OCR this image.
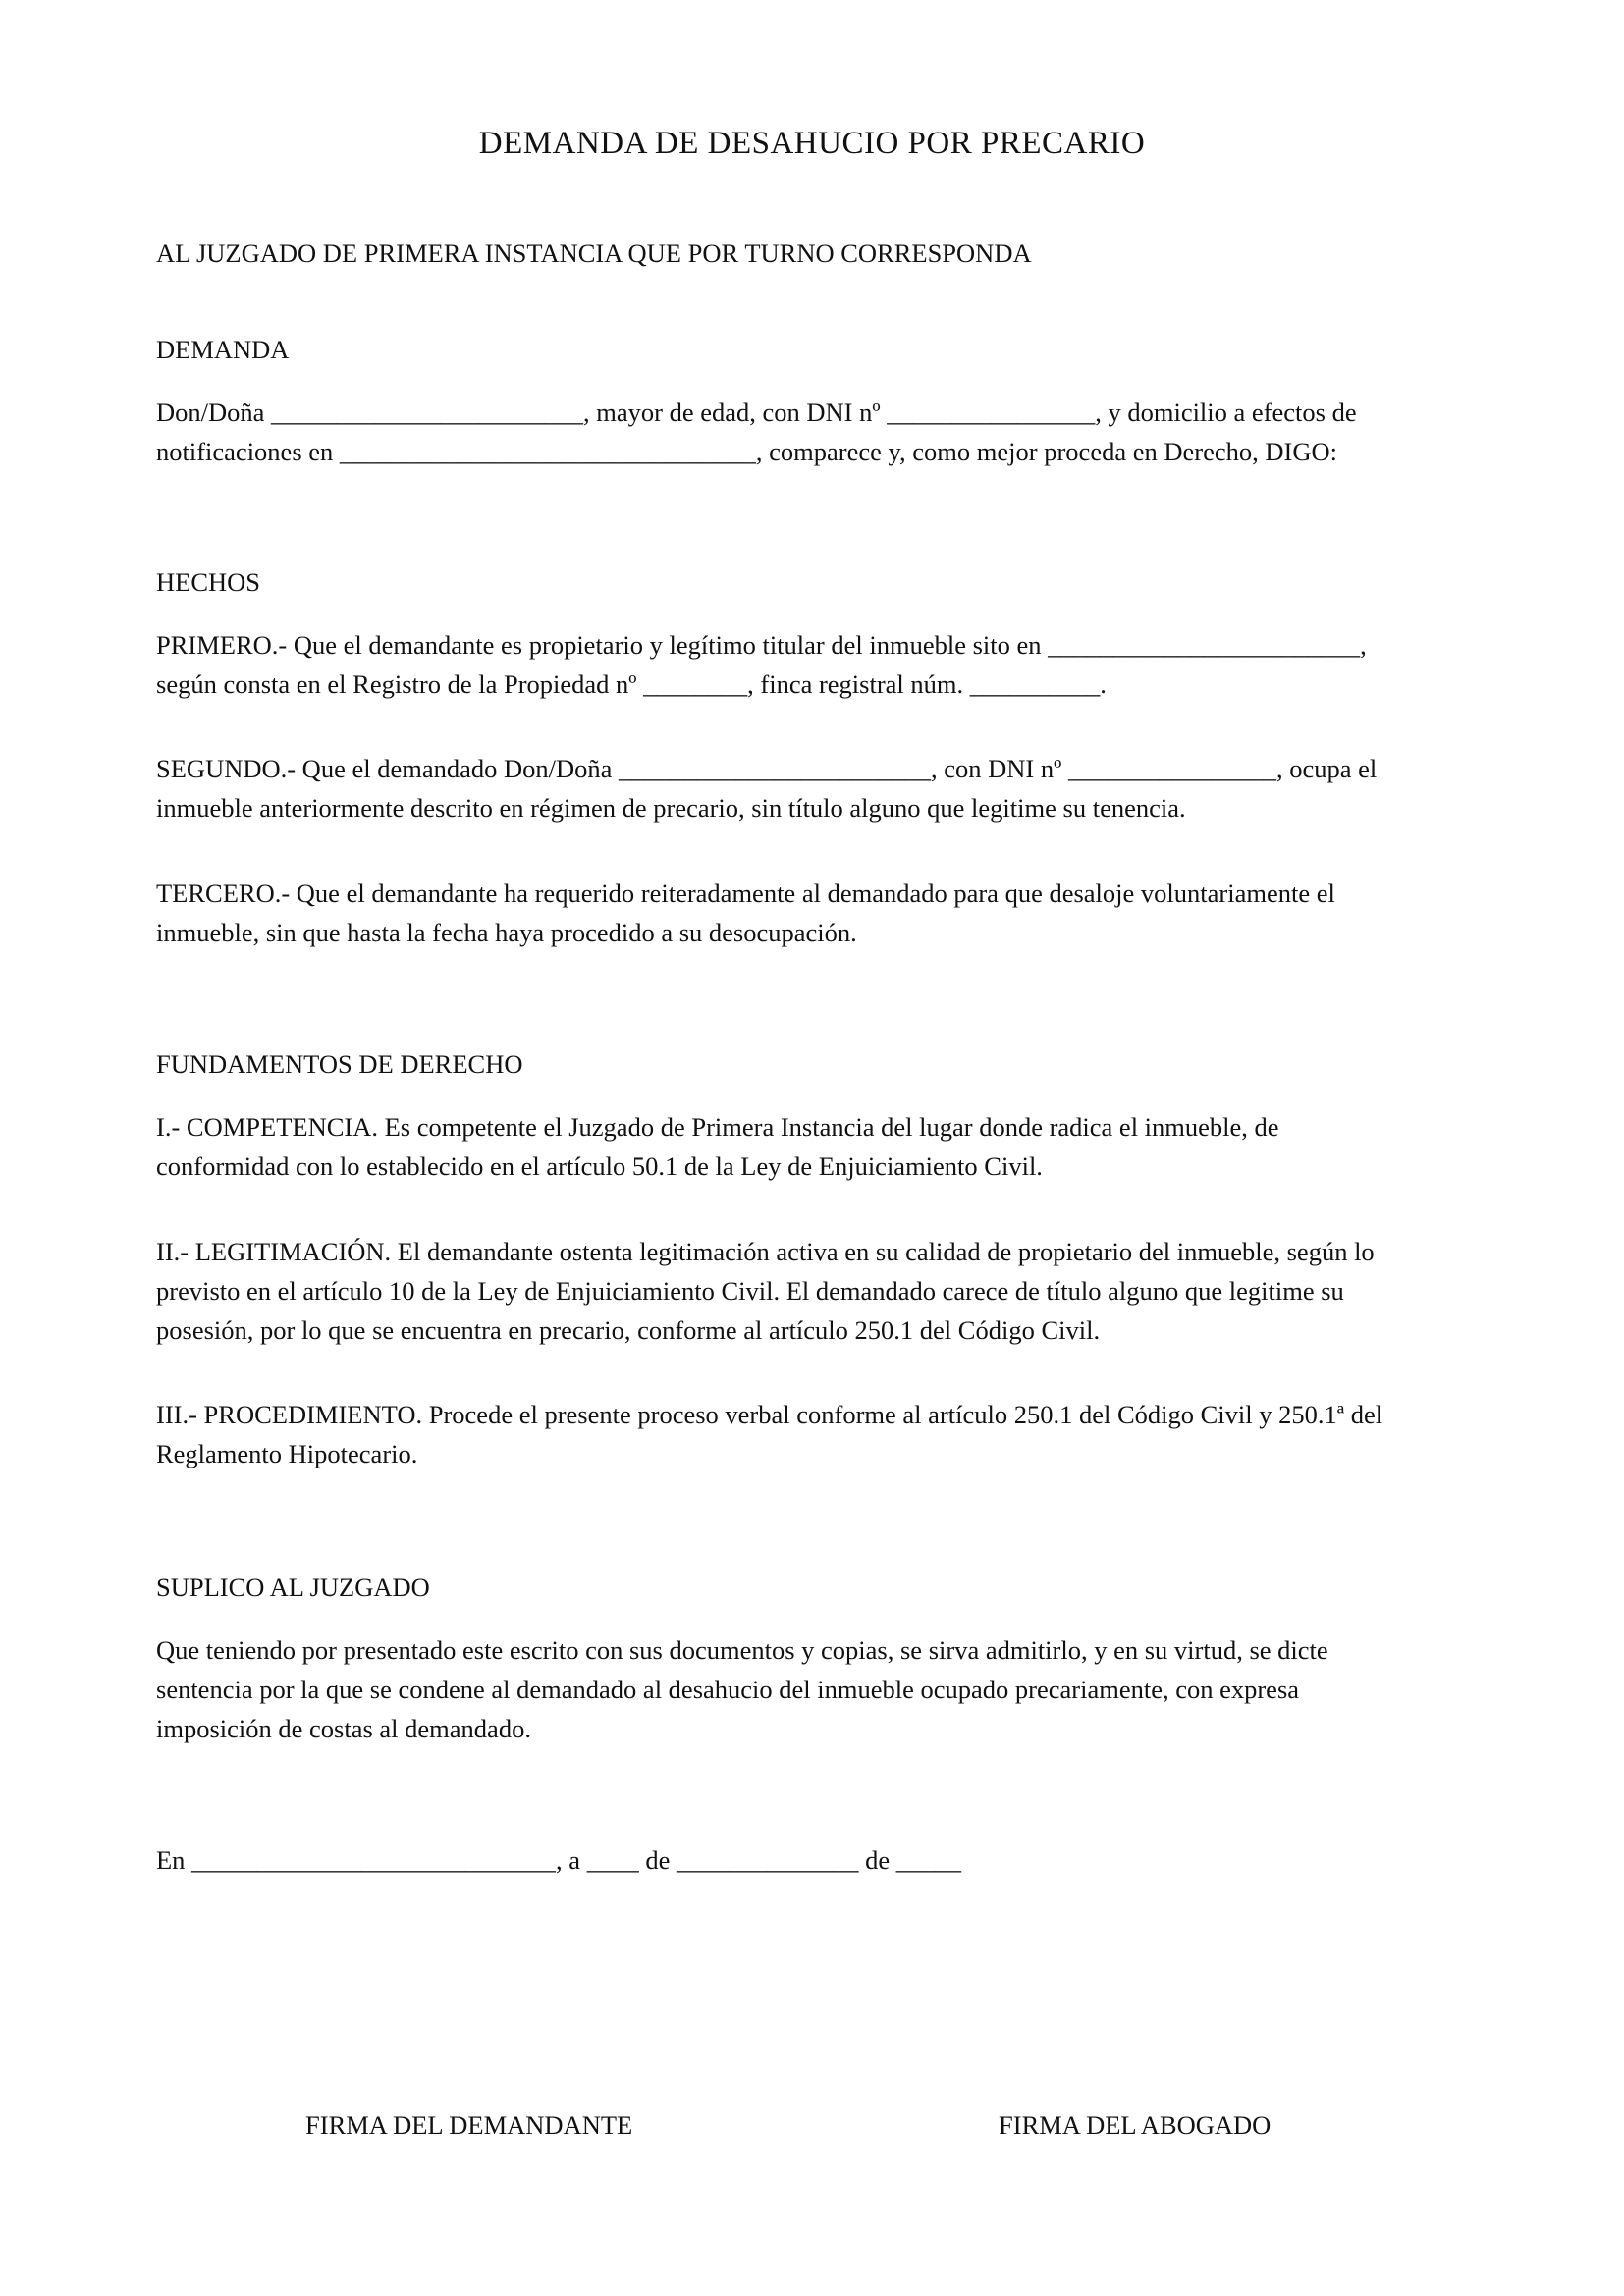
DEMANDA DE DESAHUCIO POR PRECARIO
AL JUZGADO DE PRIMERA INSTANCIA QUE POR TURNO CORRESPONDA
DEMANDA
Don/Doña ________________________, mayor de edad, con DNI nº ________________, y domicilio a efectos de
notificaciones en ________________________________, comparece y, como mejor proceda en Derecho, DIGO:
HECHOS
PRIMERO.- Que el demandante es propietario y legítimo titular del inmueble sito en ________________________,
según consta en el Registro de la Propiedad nº ________, finca registral núm. __________.
SEGUNDO.- Que el demandado Don/Doña ________________________, con DNI nº ________________, ocupa el
inmueble anteriormente descrito en régimen de precario, sin título alguno que legitime su tenencia.
TERCERO.- Que el demandante ha requerido reiteradamente al demandado para que desaloje voluntariamente el
inmueble, sin que hasta la fecha haya procedido a su desocupación.
FUNDAMENTOS DE DERECHO
I.- COMPETENCIA. Es competente el Juzgado de Primera Instancia del lugar donde radica el inmueble, de
conformidad con lo establecido en el artículo 50.1 de la Ley de Enjuiciamiento Civil.
II.- LEGITIMACIÓN. El demandante ostenta legitimación activa en su calidad de propietario del inmueble, según lo
previsto en el artículo 10 de la Ley de Enjuiciamiento Civil. El demandado carece de título alguno que legitime su
posesión, por lo que se encuentra en precario, conforme al artículo 250.1 del Código Civil.
III.- PROCEDIMIENTO. Procede el presente proceso verbal conforme al artículo 250.1 del Código Civil y 250.1ª del
Reglamento Hipotecario.
SUPLICO AL JUZGADO
Que teniendo por presentado este escrito con sus documentos y copias, se sirva admitirlo, y en su virtud, se dicte
sentencia por la que se condene al demandado al desahucio del inmueble ocupado precariamente, con expresa
imposición de costas al demandado.
En ____________________________, a ____ de ______________ de _____
FIRMA DEL DEMANDANTE	FIRMA DEL ABOGADO
